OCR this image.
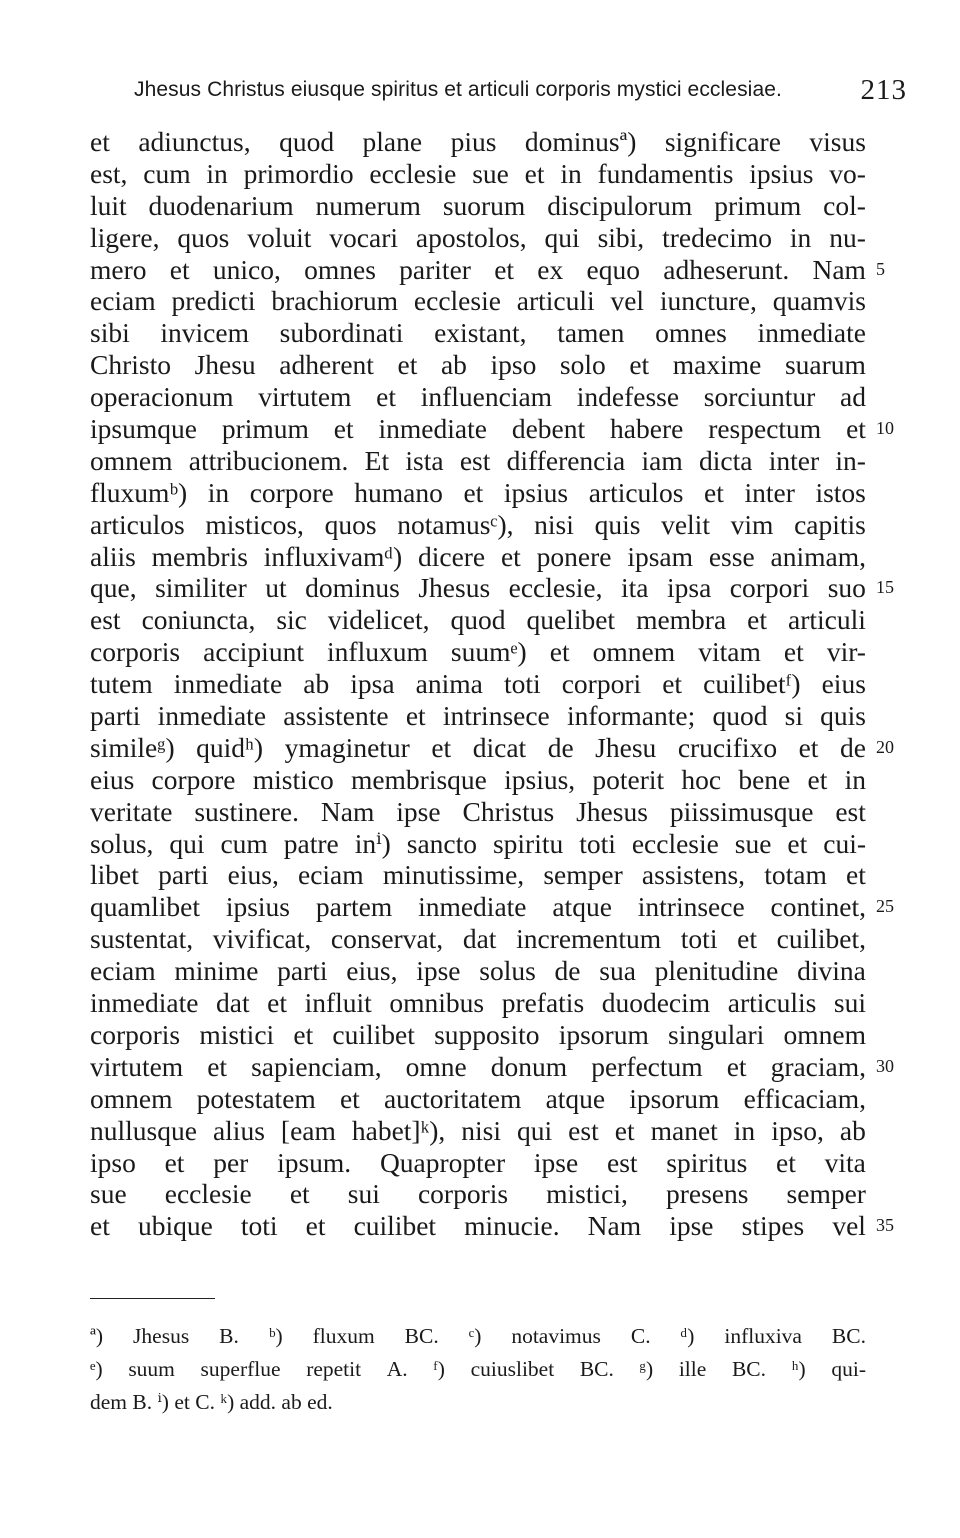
Jhesus Christus eiusque spiritus et articuli corporis mystici ecclesiae.	213
et adiunctus, quod plane pius dominusª) significare visus
est, cum in primordio ecclesie sue et in fundamentis ipsius vo-
luit duodenarium numerum suorum discipulorum primum col-
ligere, quos voluit vocari apostolos, qui sibi, tredecimo in nu-
mero et unico, omnes pariter et ex equo adheserunt. Nam 5
eciam predicti brachiorum ecclesie articuli vel iuncture, quamvis
sibi invicem subordinati existant, tamen omnes inmediate
Christo Jhesu adherent et ab ipso solo et maxime suarum
operacionum virtutem et influenciam indefesse sorciuntur ad
ipsumque primum et inmediate debent habere respectum et 10
omnem attribucionem. Et ista est differencia iam dicta inter in-
fluxumᵇ) in corpore humano et ipsius articulos et inter istos
articulos misticos, quos notamusᶜ), nisi quis velit vim capitis
aliis membris influxivamᵈ) dicere et ponere ipsam esse animam,
que, similiter ut dominus Jhesus ecclesie, ita ipsa corpori suo 15
est coniuncta, sic videlicet, quod quelibet membra et articuli
corporis accipiunt influxum suumᵉ) et omnem vitam et vir-
tutem inmediate ab ipsa anima toti corpori et cuilibetᶠ) eius
parti inmediate assistente et intrinsece informante; quod si quis
simileᵍ) quidʰ) ymaginetur et dicat de Jhesu crucifixo et de 20
eius corpore mistico membrisque ipsius, poterit hoc bene et in
veritate sustinere. Nam ipse Christus Jhesus piissimusque est
solus, qui cum patre inⁱ) sancto spiritu toti ecclesie sue et cui-
libet parti eius, eciam minutissime, semper assistens, totam et
quamlibet ipsius partem inmediate atque intrinsece continet, 25
sustentat, vivificat, conservat, dat incrementum toti et cuilibet,
eciam minime parti eius, ipse solus de sua plenitudine divina
inmediate dat et influit omnibus prefatis duodecim articulis sui
corporis mistici et cuilibet supposito ipsorum singulari omnem
virtutem et sapienciam, omne donum perfectum et graciam, 30
omnem potestatem et auctoritatem atque ipsorum efficaciam,
nullusque alius [eam habet]ᵏ), nisi qui est et manet in ipso, ab
ipso et per ipsum. Quapropter ipse est spiritus et vita
sue ecclesie et sui corporis mistici, presens semper
et ubique toti et cuilibet minucie. Nam ipse stipes vel 35
ª) Jhesus B. ᵇ) fluxum BC. ᶜ) notavimus C. ᵈ) influxiva BC.
ᵉ) suum superflue repetit A. ᶠ) cuiuslibet BC. ᵍ) ille BC. ʰ) qui-
dem B. ⁱ) et C. ᵏ) add. ab ed.
